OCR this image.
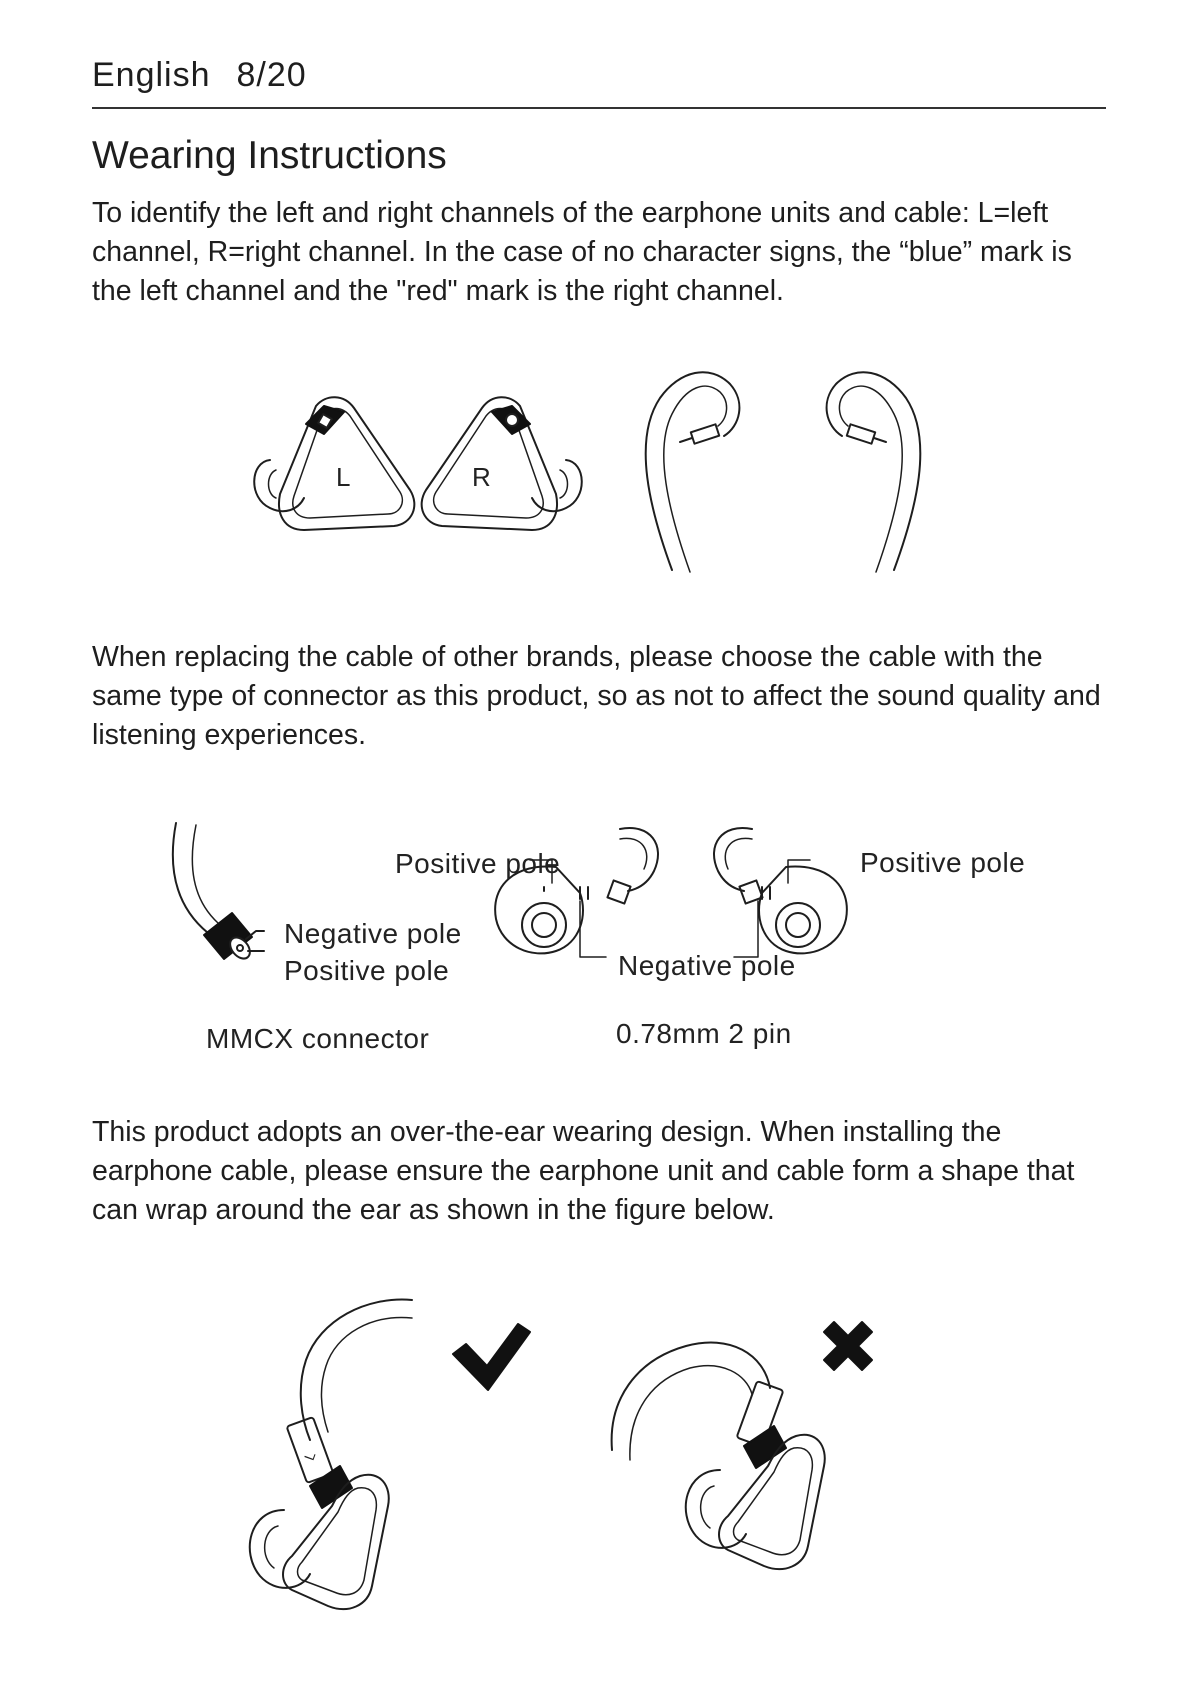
English 8/20
Wearing Instructions

To identify the left and right channels of the earphone units and cable: L=left channel, R=right channel. In the case of no character signs, the “blue” mark is the left channel and the "red" mark is the right channel.

L	R

When replacing the cable of other brands, please choose the cable with the same type of connector as this product, so as not to affect the sound quality and listening experiences.

Negative pole
Positive pole
MMCX connector
Positive pole	Positive pole
Negative pole
0.78mm 2 pin

This product adopts an over-the-ear wearing design. When installing the earphone cable, please ensure the earphone unit and cable form a shape that can wrap around the ear as shown in the figure below.

L
